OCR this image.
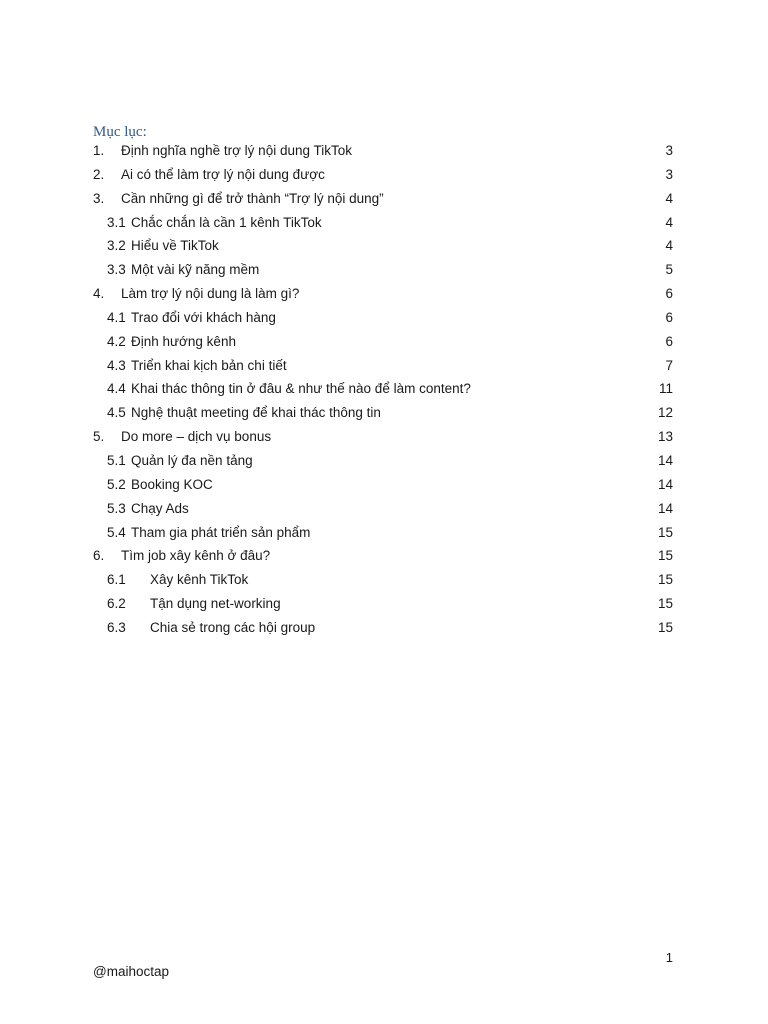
Mục lục:
1. Định nghĩa nghề trợ lý nội dung TikTok	3
2. Ai có thể làm trợ lý nội dung được	3
3. Cần những gì để trở thành “Trợ lý nội dung”	4
3.1 Chắc chắn là cần 1 kênh TikTok	4
3.2 Hiểu về TikTok	4
3.3 Một vài kỹ năng mềm	5
4. Làm trợ lý nội dung là làm gì?	6
4.1 Trao đổi với khách hàng	6
4.2 Định hướng kênh	6
4.3 Triển khai kịch bản chi tiết	7
4.4 Khai thác thông tin ở đâu & như thế nào để làm content?	11
4.5 Nghệ thuật meeting để khai thác thông tin	12
5. Do more – dịch vụ bonus	13
5.1 Quản lý đa nền tảng	14
5.2 Booking KOC	14
5.3 Chạy Ads	14
5.4 Tham gia phát triển sản phẩm	15
6. Tìm job xây kênh ở đâu?	15
6.1 Xây kênh TikTok	15
6.2 Tận dụng net-working	15
6.3 Chia sẻ trong các hội group	15
1
@maihoctap
